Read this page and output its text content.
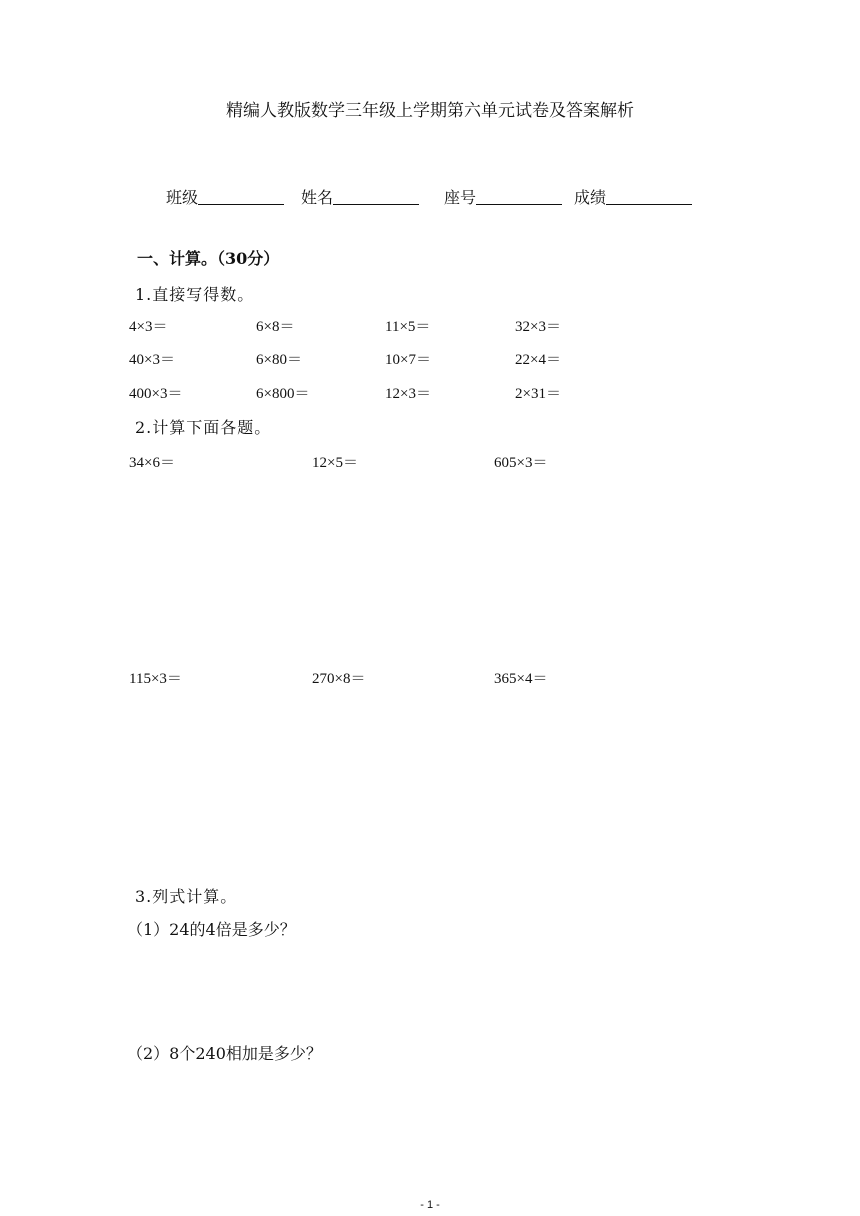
精编人教版数学三年级上学期第六单元试卷及答案解析
班级	姓名	座号	成绩
一、计算。（30分）
1.直接写得数。
4×3＝	6×8＝	11×5＝	32×3＝
40×3＝	6×80＝	10×7＝	22×4＝
400×3＝	6×800＝	12×3＝	2×31＝
2.计算下面各题。
34×6＝	12×5＝	605×3＝
115×3＝	270×8＝	365×4＝
3.列式计算。
（1）24的4倍是多少？
（2）8个240相加是多少？
- 1 -
